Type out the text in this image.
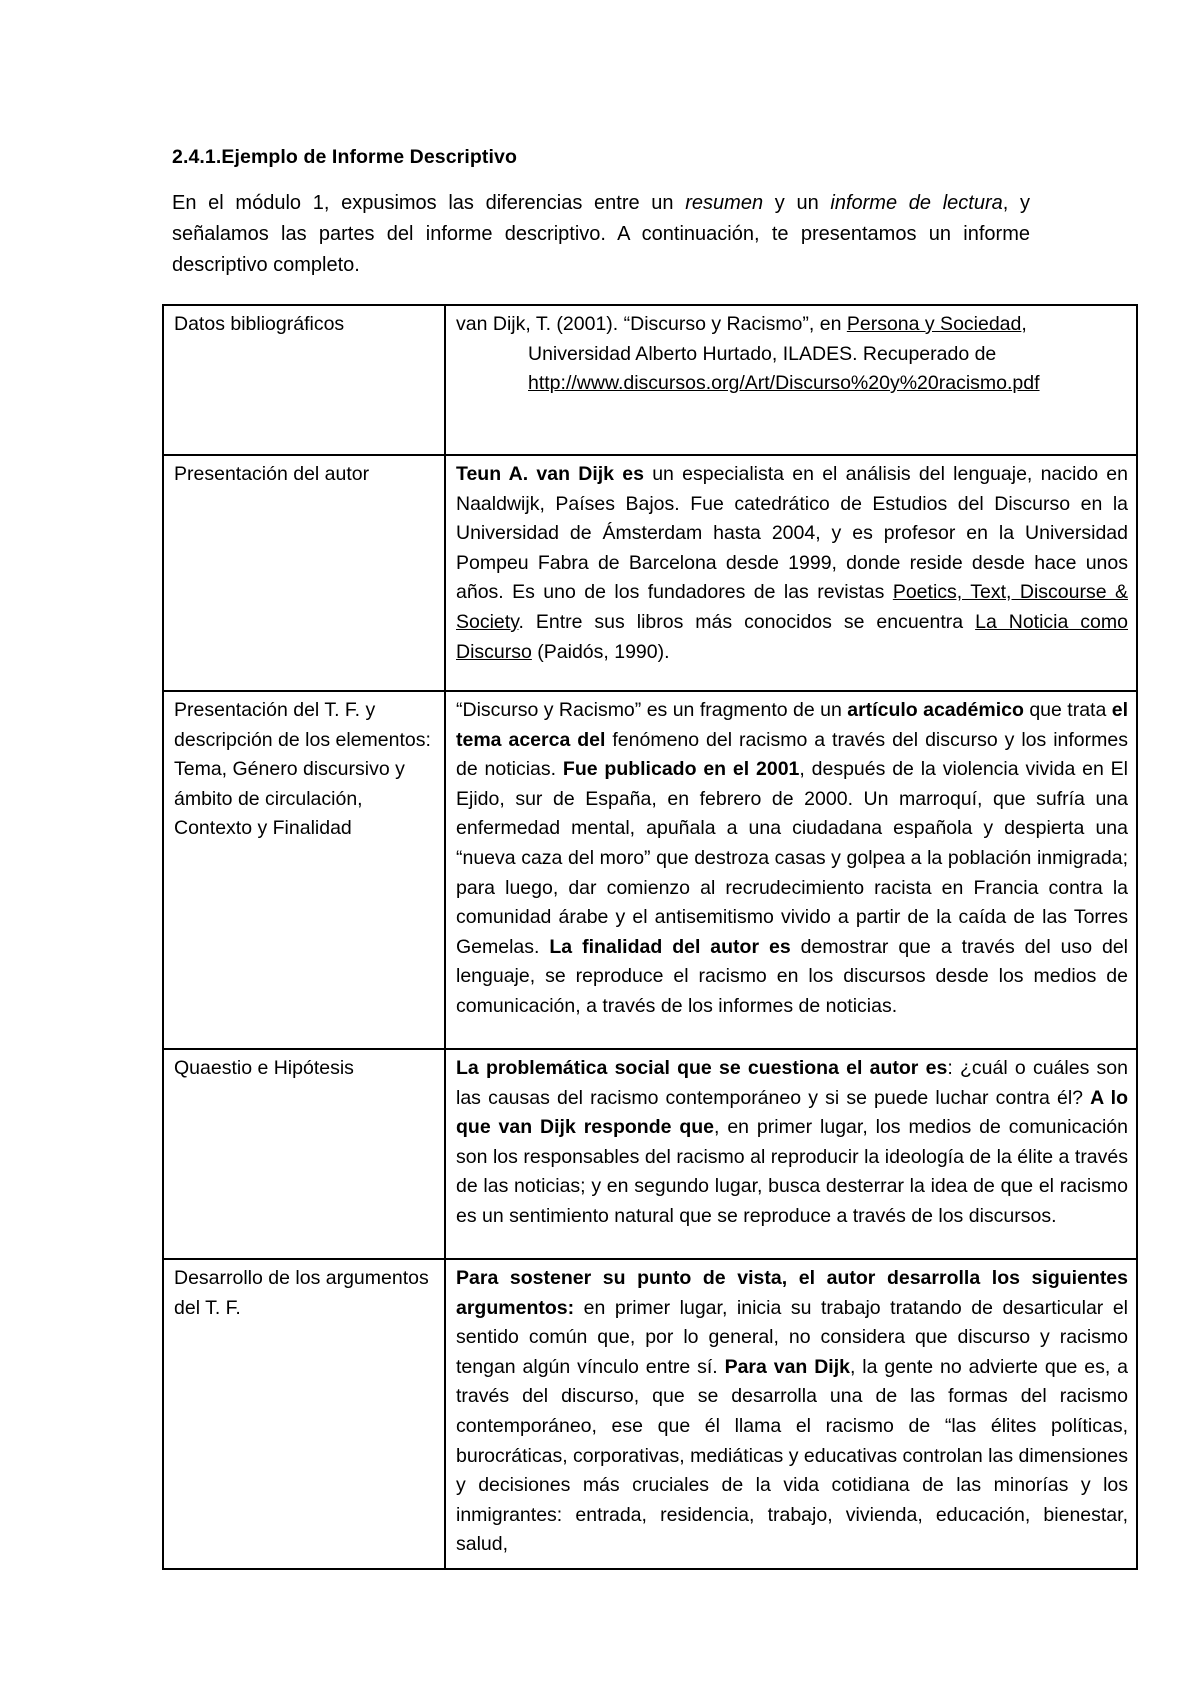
2.4.1.Ejemplo de Informe Descriptivo

En el módulo 1, expusimos las diferencias entre un resumen y un informe de lectura, y señalamos las partes del informe descriptivo. A continuación, te presentamos un informe descriptivo completo.

Datos bibliográficos	van Dijk, T. (2001). “Discurso y Racismo”, en Persona y Sociedad,
Universidad Alberto Hurtado, ILADES. Recuperado de
http://www.discursos.org/Art/Discurso%20y%20racismo.pdf

Presentación del autor	Teun A. van Dijk es un especialista en el análisis del lenguaje, nacido en Naaldwijk, Países Bajos. Fue catedrático de Estudios del Discurso en la Universidad de Ámsterdam hasta 2004, y es profesor en la Universidad Pompeu Fabra de Barcelona desde 1999, donde reside desde hace unos años. Es uno de los fundadores de las revistas Poetics, Text, Discourse & Society. Entre sus libros más conocidos se encuentra La Noticia como Discurso (Paidós, 1990).
Presentación del T. F. y descripción de los elementos: Tema, Género discursivo y ámbito de circulación, Contexto y Finalidad	“Discurso y Racismo” es un fragmento de un artículo académico que trata el tema acerca del fenómeno del racismo a través del discurso y los informes de noticias. Fue publicado en el 2001, después de la violencia vivida en El Ejido, sur de España, en febrero de 2000. Un marroquí, que sufría una enfermedad mental, apuñala a una ciudadana española y despierta una “nueva caza del moro” que destroza casas y golpea a la población inmigrada; para luego, dar comienzo al recrudecimiento racista en Francia contra la comunidad árabe y el antisemitismo vivido a partir de la caída de las Torres Gemelas. La finalidad del autor es demostrar que a través del uso del lenguaje, se reproduce el racismo en los discursos desde los medios de comunicación, a través de los informes de noticias.
Quaestio e Hipótesis	La problemática social que se cuestiona el autor es: ¿cuál o cuáles son las causas del racismo contemporáneo y si se puede luchar contra él? A lo que van Dijk responde que, en primer lugar, los medios de comunicación son los responsables del racismo al reproducir la ideología de la élite a través de las noticias; y en segundo lugar, busca desterrar la idea de que el racismo es un sentimiento natural que se reproduce a través de los discursos.
Desarrollo de los argumentos del T. F.	Para sostener su punto de vista, el autor desarrolla los siguientes argumentos: en primer lugar, inicia su trabajo tratando de desarticular el sentido común que, por lo general, no considera que discurso y racismo tengan algún vínculo entre sí. Para van Dijk, la gente no advierte que es, a través del discurso, que se desarrolla una de las formas del racismo contemporáneo, ese que él llama el racismo de “las élites políticas, burocráticas, corporativas, mediáticas y educativas controlan las dimensiones y decisiones más cruciales de la vida cotidiana de las minorías y los inmigrantes: entrada, residencia, trabajo, vivienda, educación, bienestar, salud,
